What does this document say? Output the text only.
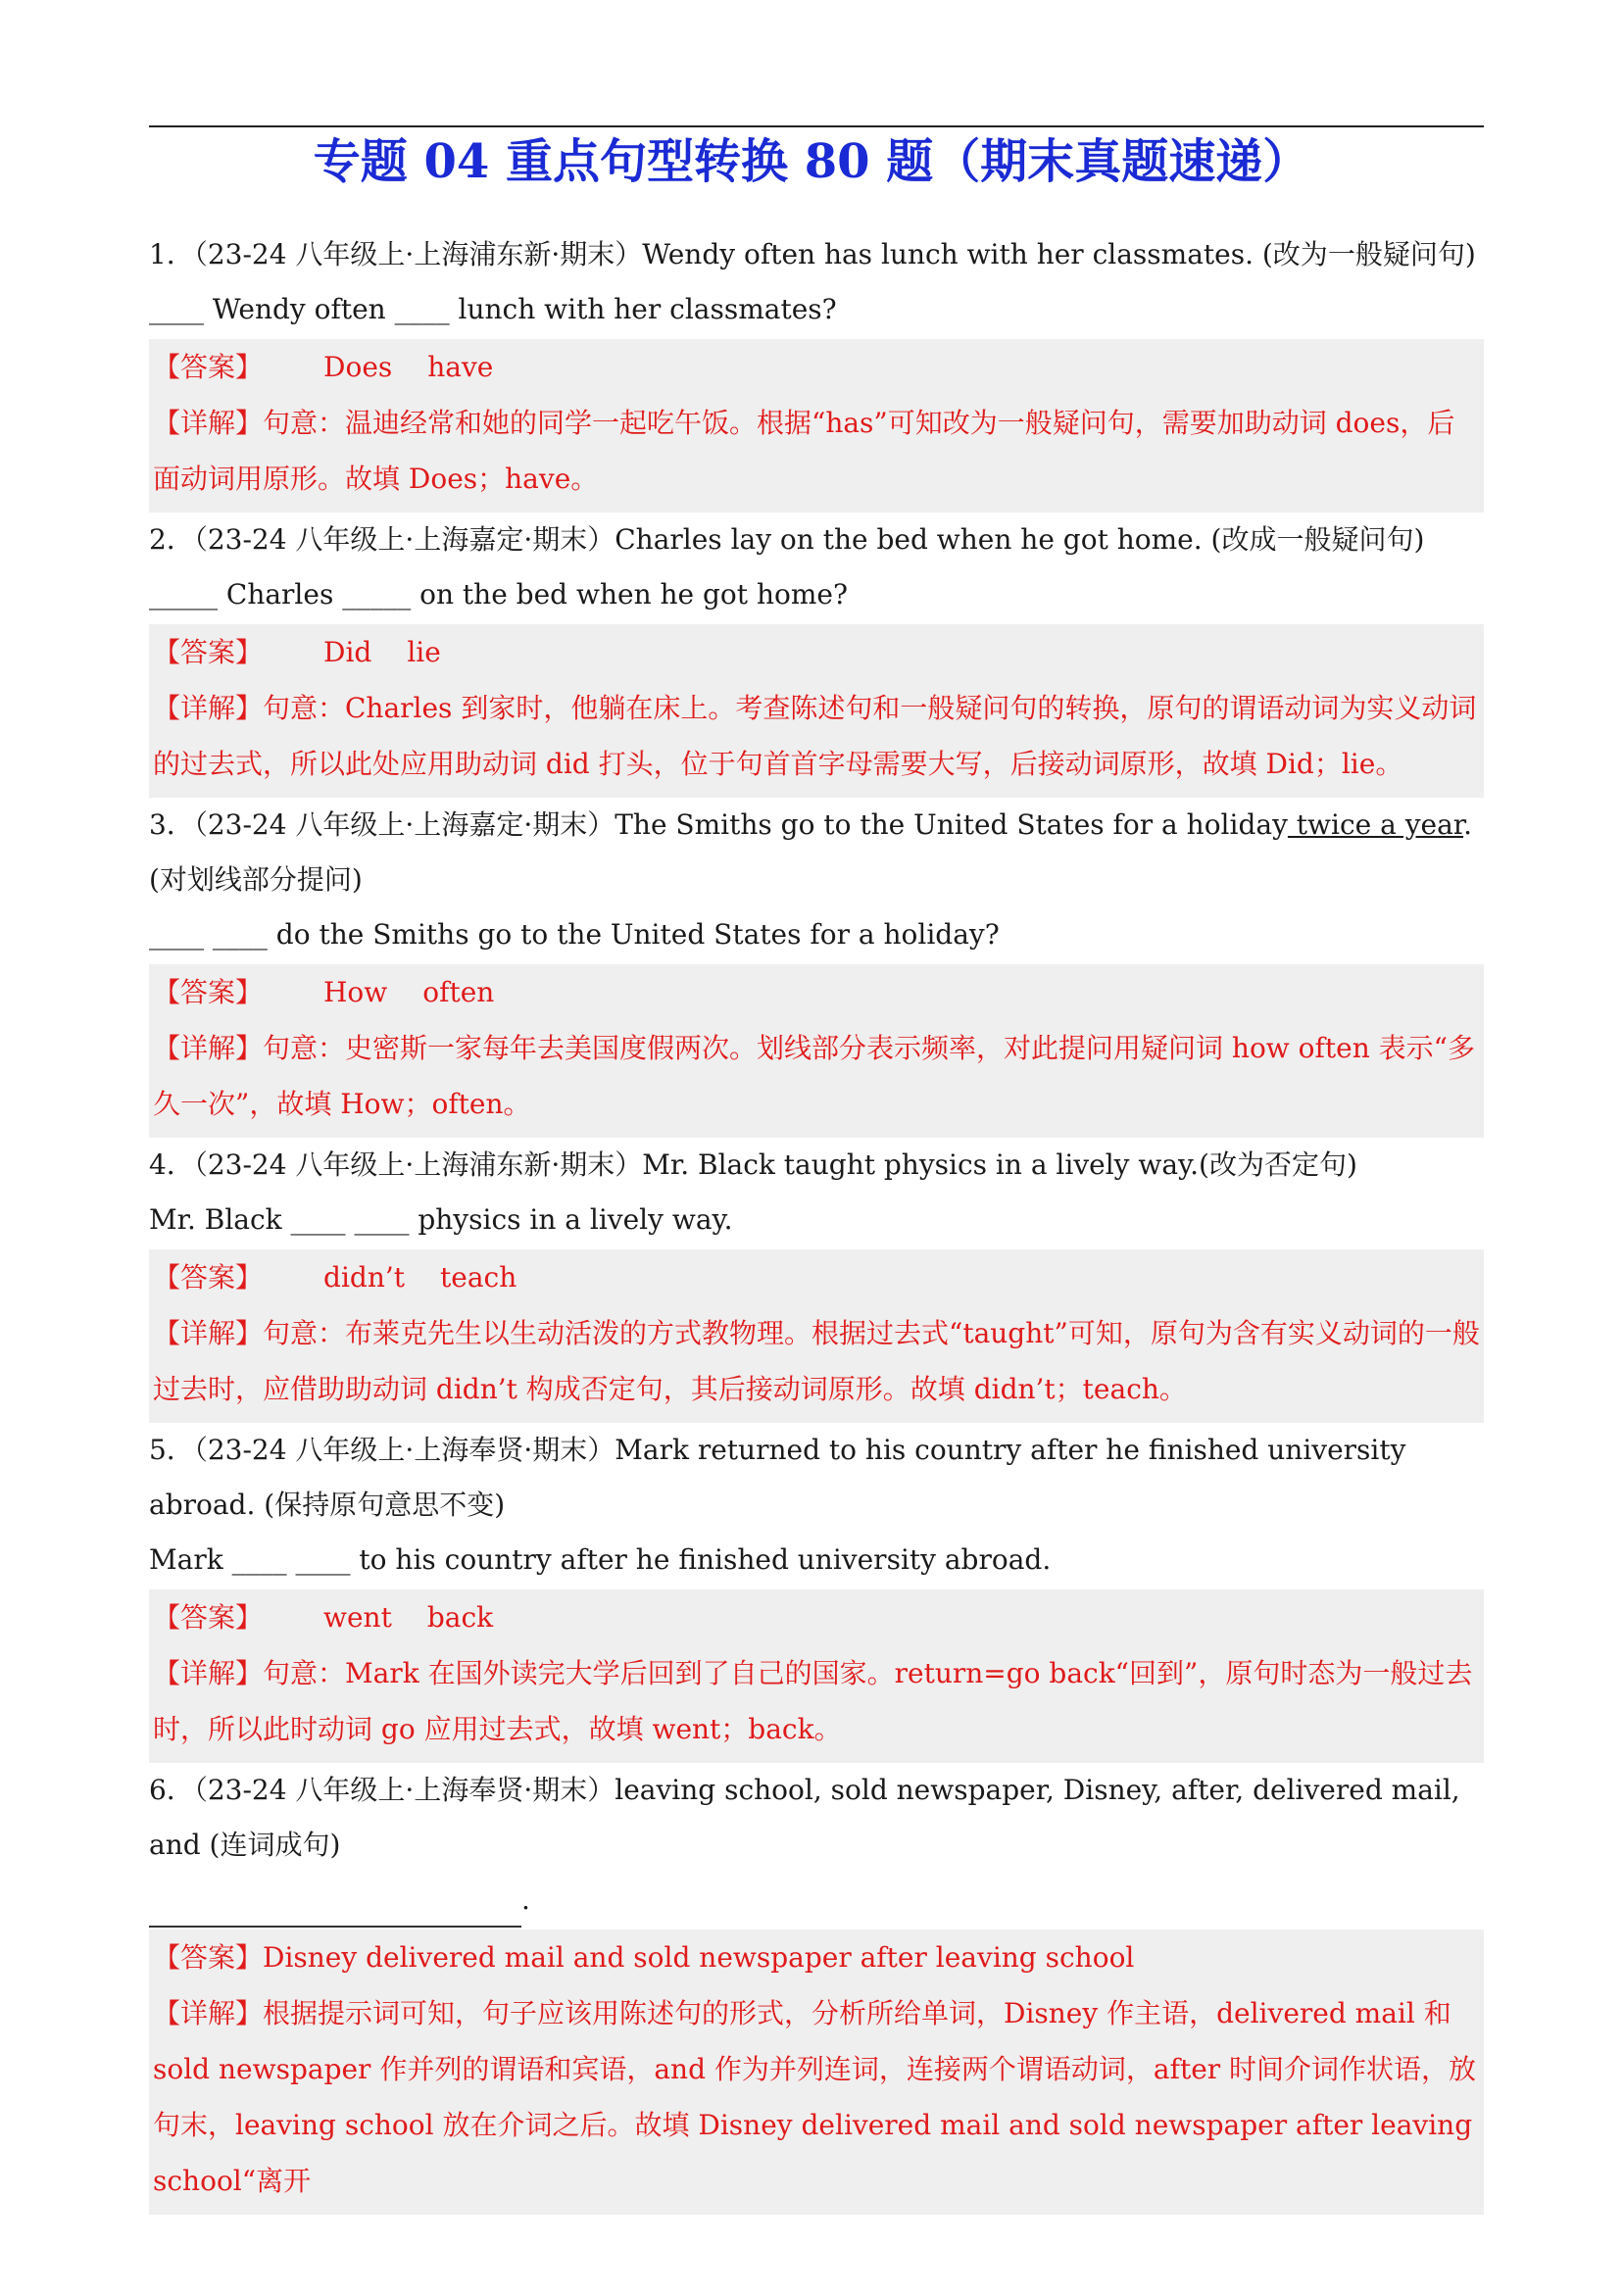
专题 04 重点句型转换 80 题（期末真题速递）

1．（23-24 八年级上·上海浦东新·期末）Wendy often has lunch with her classmates. (改为一般疑问句)

____ Wendy often ____ lunch with her classmates?

【答案】 Does have

【详解】句意：温迪经常和她的同学一起吃午饭。根据“has”可知改为一般疑问句，需要加助动词 does，后面动词用原形。故填 Does；have。

2．（23-24 八年级上·上海嘉定·期末）Charles lay on the bed when he got home. (改成一般疑问句)

_____ Charles _____ on the bed when he got home?

【答案】 Did lie

【详解】句意：Charles 到家时，他躺在床上。考查陈述句和一般疑问句的转换，原句的谓语动词为实义动词的过去式，所以此处应用助动词 did 打头，位于句首首字母需要大写，后接动词原形，故填 Did；lie。

3．（23-24 八年级上·上海嘉定·期末）The Smiths go to the United States for a holiday twice a year. (对划线部分提问)

____ ____ do the Smiths go to the United States for a holiday?

【答案】 How often

【详解】句意：史密斯一家每年去美国度假两次。划线部分表示频率，对此提问用疑问词 how often 表示“多久一次”，故填 How；often。

4．（23-24 八年级上·上海浦东新·期末）Mr. Black taught physics in a lively way.(改为否定句)

Mr. Black ____ ____ physics in a lively way.

【答案】 didn’t teach

【详解】句意：布莱克先生以生动活泼的方式教物理。根据过去式“taught”可知，原句为含有实义动词的一般过去时，应借助助动词 didn’t 构成否定句，其后接动词原形。故填 didn’t；teach。

5．（23-24 八年级上·上海奉贤·期末）Mark returned to his country after he finished university abroad. (保持原句意思不变)

Mark ____ ____ to his country after he finished university abroad.

【答案】 went back

【详解】句意：Mark 在国外读完大学后回到了自己的国家。return=go back“回到”，原句时态为一般过去时，所以此时动词 go 应用过去式，故填 went；back。

6．（23-24 八年级上·上海奉贤·期末）leaving school, sold newspaper, Disney, after, delivered mail, and (连词成句)

.

【答案】Disney delivered mail and sold newspaper after leaving school

【详解】根据提示词可知，句子应该用陈述句的形式，分析所给单词，Disney 作主语，delivered mail 和 sold newspaper 作并列的谓语和宾语，and 作为并列连词，连接两个谓语动词，after 时间介词作状语，放句末，leaving school 放在介词之后。故填 Disney delivered mail and sold newspaper after leaving school“离开
